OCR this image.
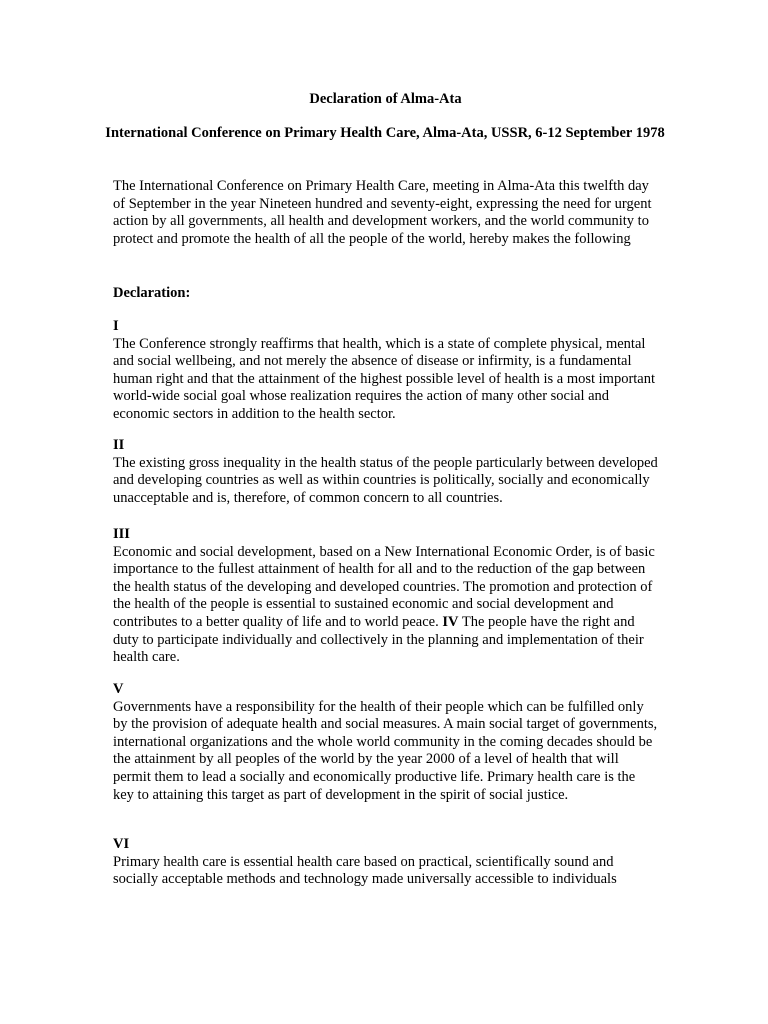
Declaration of Alma-Ata

International Conference on Primary Health Care, Alma-Ata, USSR, 6-12 September 1978

The International Conference on Primary Health Care, meeting in Alma-Ata this twelfth day of September in the year Nineteen hundred and seventy-eight, expressing the need for urgent action by all governments, all health and development workers, and the world community to protect and promote the health of all the people of the world, hereby makes the following

Declaration:

I
The Conference strongly reaffirms that health, which is a state of complete physical, mental and social wellbeing, and not merely the absence of disease or infirmity, is a fundamental human right and that the attainment of the highest possible level of health is a most important world-wide social goal whose realization requires the action of many other social and economic sectors in addition to the health sector.
II
The existing gross inequality in the health status of the people particularly between developed and developing countries as well as within countries is politically, socially and economically unacceptable and is, therefore, of common concern to all countries.
III
Economic and social development, based on a New International Economic Order, is of basic importance to the fullest attainment of health for all and to the reduction of the gap between the health status of the developing and developed countries. The promotion and protection of the health of the people is essential to sustained economic and social development and contributes to a better quality of life and to world peace. IV The people have the right and duty to participate individually and collectively in the planning and implementation of their health care.
V
Governments have a responsibility for the health of their people which can be fulfilled only by the provision of adequate health and social measures. A main social target of governments, international organizations and the whole world community in the coming decades should be the attainment by all peoples of the world by the year 2000 of a level of health that will permit them to lead a socially and economically productive life. Primary health care is the key to attaining this target as part of development in the spirit of social justice.
VI
Primary health care is essential health care based on practical, scientifically sound and socially acceptable methods and technology made universally accessible to individuals
